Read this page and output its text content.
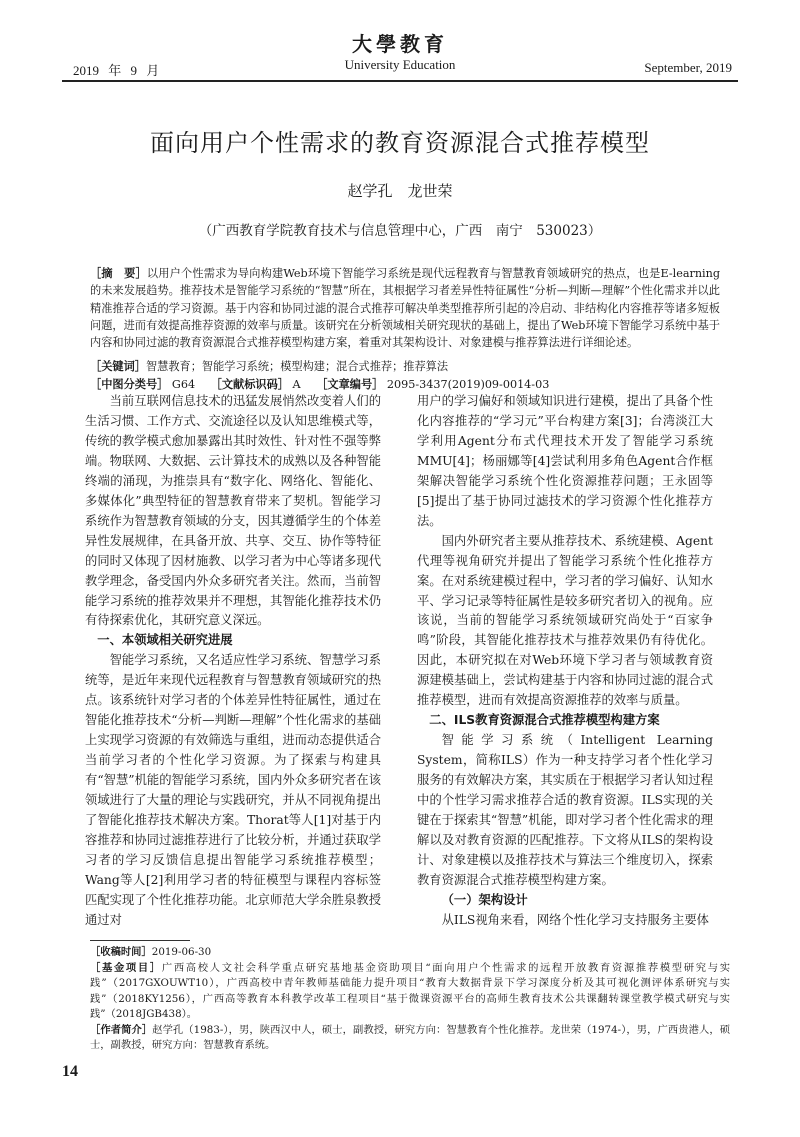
大學教育
University Education
2019 年 9 月	September, 2019
面向用户个性需求的教育资源混合式推荐模型
赵学孔　龙世荣
（广西教育学院教育技术与信息管理中心，广西　南宁　530023）
［摘　要］以用户个性需求为导向构建Web环境下智能学习系统是现代远程教育与智慧教育领域研究的热点，也是E-learning的未来发展趋势。推荐技术是智能学习系统的“智慧”所在，其根据学习者差异性特征属性“分析—判断—理解”个性化需求并以此精准推荐合适的学习资源。基于内容和协同过滤的混合式推荐可解决单类型推荐所引起的冷启动、非结构化内容推荐等诸多短板问题，进而有效提高推荐资源的效率与质量。该研究在分析领域相关研究现状的基础上，提出了Web环境下智能学习系统中基于内容和协同过滤的教育资源混合式推荐模型构建方案，着重对其架构设计、对象建模与推荐算法进行详细论述。
［关键词］智慧教育；智能学习系统；模型构建；混合式推荐；推荐算法
［中图分类号］ G64 ［文献标识码］ A ［文章编号］ 2095-3437(2019)09-0014-03

当前互联网信息技术的迅猛发展悄然改变着人们的生活习惯、工作方式、交流途径以及认知思维模式等，传统的教学模式愈加暴露出其时效性、针对性不强等弊端。物联网、大数据、云计算技术的成熟以及各种智能终端的涌现，为推崇具有“数字化、网络化、智能化、多媒体化”典型特征的智慧教育带来了契机。智能学习系统作为智慧教育领域的分支，因其遵循学生的个体差异性发展规律，在具备开放、共享、交互、协作等特征的同时又体现了因材施教、以学习者为中心等诸多现代教学理念，备受国内外众多研究者关注。然而，当前智能学习系统的推荐效果并不理想，其智能化推荐技术仍有待探索优化，其研究意义深远。

一、本领域相关研究进展

智能学习系统，又名适应性学习系统、智慧学习系统等，是近年来现代远程教育与智慧教育领域研究的热点。该系统针对学习者的个体差异性特征属性，通过在智能化推荐技术“分析—判断—理解”个性化需求的基础上实现学习资源的有效筛选与重组，进而动态提供适合当前学习者的个性化学习资源。为了探索与构建具有“智慧”机能的智能学习系统，国内外众多研究者在该领域进行了大量的理论与实践研究，并从不同视角提出了智能化推荐技术解决方案。Thorat等人[1]对基于内容推荐和协同过滤推荐进行了比较分析，并通过获取学习者的学习反馈信息提出智能学习系统推荐模型；Wang等人[2]利用学习者的特征模型与课程内容标签匹配实现了个性化推荐功能。北京师范大学余胜泉教授通过对

用户的学习偏好和领域知识进行建模，提出了具备个性化内容推荐的“学习元”平台构建方案[3]；台湾淡江大学利用Agent分布式代理技术开发了智能学习系统MMU[4]；杨丽娜等[4]尝试利用多角色Agent合作框架解决智能学习系统个性化资源推荐问题；王永固等[5]提出了基于协同过滤技术的学习资源个性化推荐方法。

国内外研究者主要从推荐技术、系统建模、Agent代理等视角研究并提出了智能学习系统个性化推荐方案。在对系统建模过程中，学习者的学习偏好、认知水平、学习记录等特征属性是较多研究者切入的视角。应该说，当前的智能学习系统领域研究尚处于“百家争鸣”阶段，其智能化推荐技术与推荐效果仍有待优化。因此，本研究拟在对Web环境下学习者与领域教育资源建模基础上，尝试构建基于内容和协同过滤的混合式推荐模型，进而有效提高资源推荐的效率与质量。

二、ILS教育资源混合式推荐模型构建方案

智能学习系统（Intelligent Learning System，简称ILS）作为一种支持学习者个性化学习服务的有效解决方案，其实质在于根据学习者认知过程中的个性学习需求推荐合适的教育资源。ILS实现的关键在于探索其“智慧”机能，即对学习者个性化需求的理解以及对教育资源的匹配推荐。下文将从ILS的架构设计、对象建模以及推荐技术与算法三个维度切入，探索教育资源混合式推荐模型构建方案。

（一）架构设计

从ILS视角来看，网络个性化学习支持服务主要体

［收稿时间］2019-06-30

［基金项目］广西高校人文社会科学重点研究基地基金资助项目“面向用户个性需求的远程开放教育资源推荐模型研究与实践”（2017GXOUWT10），广西高校中青年教师基础能力提升项目“教育大数据背景下学习深度分析及其可视化测评体系研究与实践”（2018KY1256），广西高等教育本科教学改革工程项目“基于微课资源平台的高师生教育技术公共课翻转课堂教学模式研究与实践”（2018JGB438）。

［作者简介］赵学孔（1983-），男，陕西汉中人，硕士，副教授，研究方向：智慧教育个性化推荐。龙世荣（1974-），男，广西贵港人，硕士，副教授，研究方向：智慧教育系统。

14
